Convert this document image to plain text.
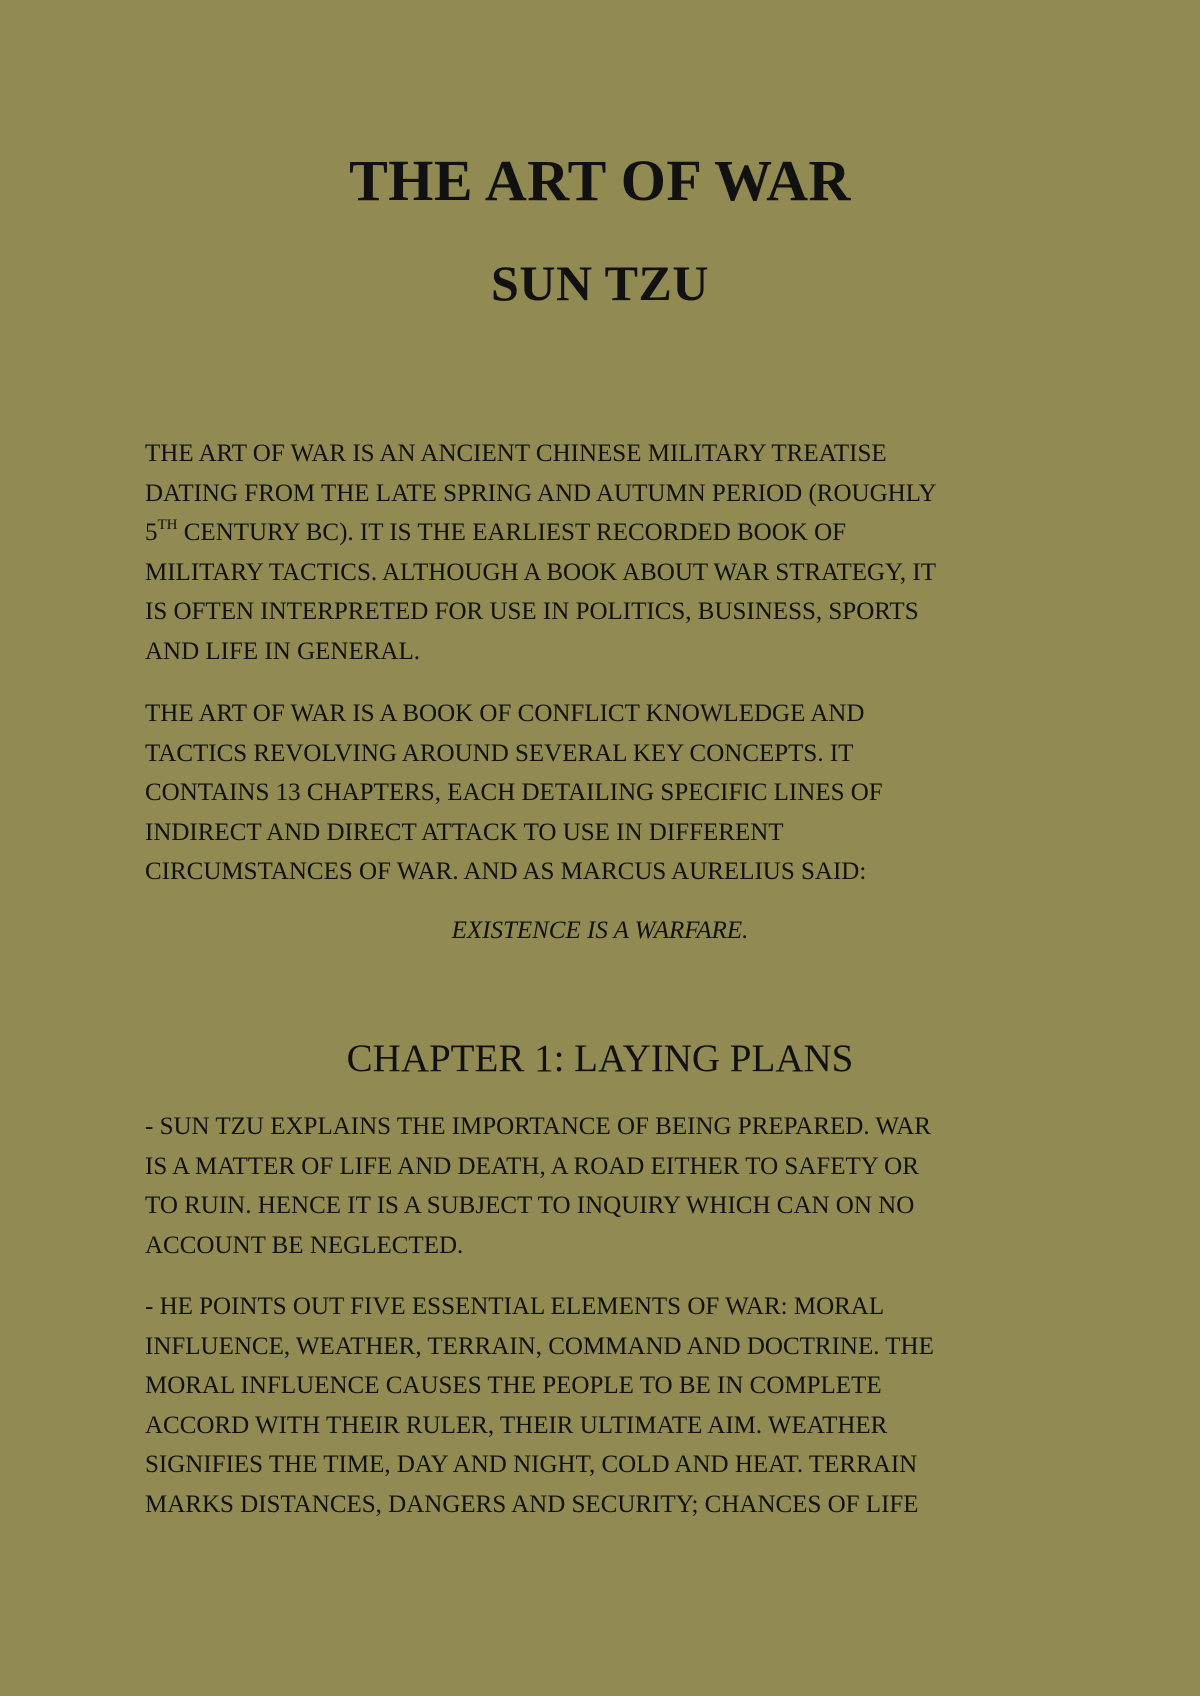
THE ART OF WAR
SUN TZU

THE ART OF WAR IS AN ANCIENT CHINESE MILITARY TREATISE
DATING FROM THE LATE SPRING AND AUTUMN PERIOD (ROUGHLY
5TH CENTURY BC). IT IS THE EARLIEST RECORDED BOOK OF
MILITARY TACTICS. ALTHOUGH A BOOK ABOUT WAR STRATEGY, IT
IS OFTEN INTERPRETED FOR USE IN POLITICS, BUSINESS, SPORTS
AND LIFE IN GENERAL.

THE ART OF WAR IS A BOOK OF CONFLICT KNOWLEDGE AND
TACTICS REVOLVING AROUND SEVERAL KEY CONCEPTS. IT
CONTAINS 13 CHAPTERS, EACH DETAILING SPECIFIC LINES OF
INDIRECT AND DIRECT ATTACK TO USE IN DIFFERENT
CIRCUMSTANCES OF WAR. AND AS MARCUS AURELIUS SAID:

EXISTENCE IS A WARFARE.

CHAPTER 1: LAYING PLANS

- SUN TZU EXPLAINS THE IMPORTANCE OF BEING PREPARED. WAR
IS A MATTER OF LIFE AND DEATH, A ROAD EITHER TO SAFETY OR
TO RUIN. HENCE IT IS A SUBJECT TO INQUIRY WHICH CAN ON NO
ACCOUNT BE NEGLECTED.

- HE POINTS OUT FIVE ESSENTIAL ELEMENTS OF WAR: MORAL
INFLUENCE, WEATHER, TERRAIN, COMMAND AND DOCTRINE. THE
MORAL INFLUENCE CAUSES THE PEOPLE TO BE IN COMPLETE
ACCORD WITH THEIR RULER, THEIR ULTIMATE AIM. WEATHER
SIGNIFIES THE TIME, DAY AND NIGHT, COLD AND HEAT. TERRAIN
MARKS DISTANCES, DANGERS AND SECURITY; CHANCES OF LIFE
